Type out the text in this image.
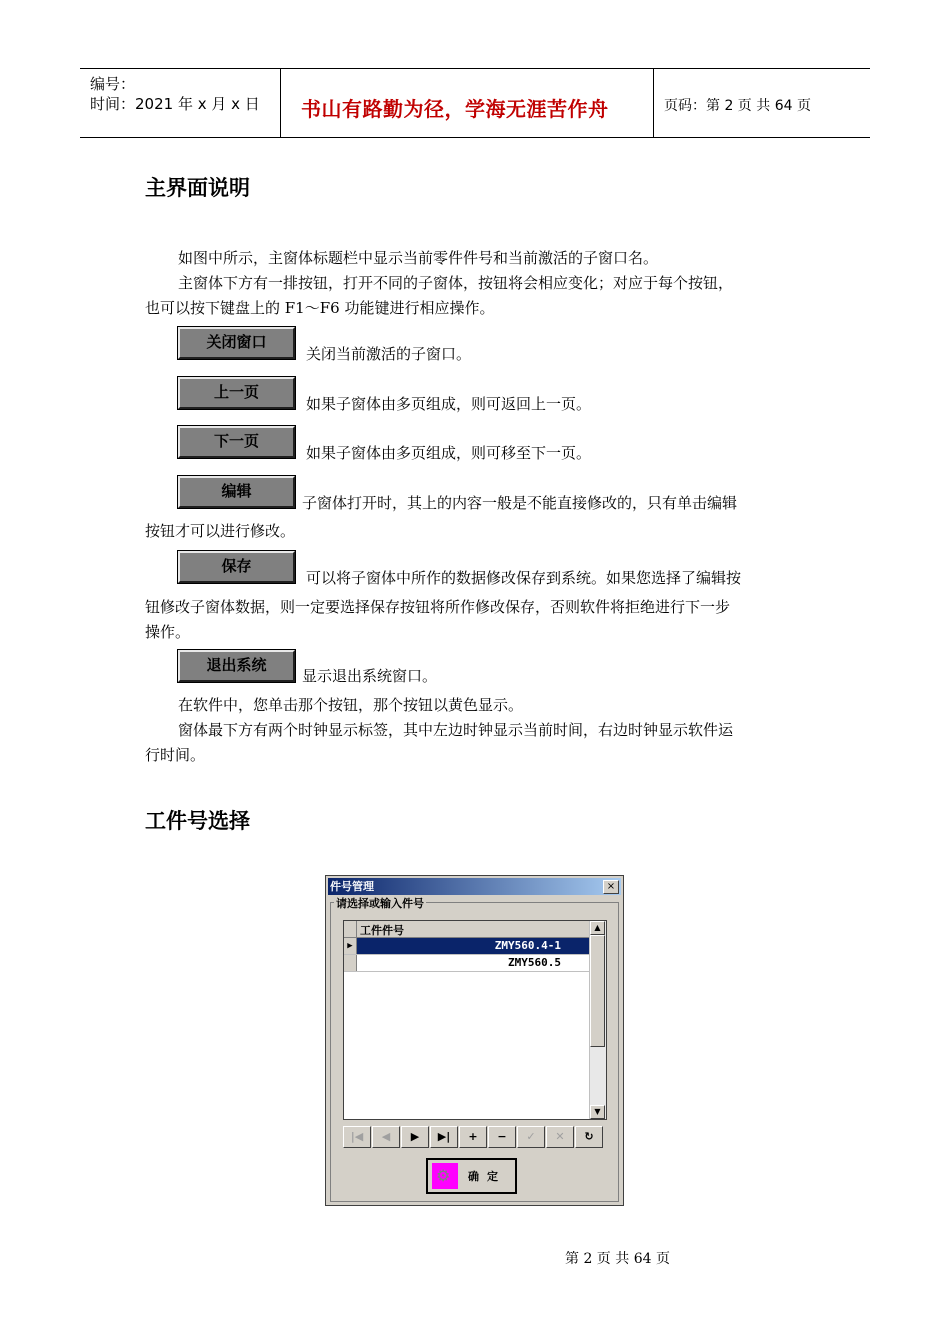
编号：
时间：2021 年 x 月 x 日 书山有路勤为径，学海无涯苦作舟	页码：第 2 页 共 64 页
主界面说明
如图中所示，主窗体标题栏中显示当前零件件号和当前激活的子窗口名。
主窗体下方有一排按钮，打开不同的子窗体，按钮将会相应变化；对应于每个按钮，
也可以按下键盘上的 F1～F6 功能键进行相应操作。
关闭窗口
关闭当前激活的子窗口。
上一页
如果子窗体由多页组成，则可返回上一页。
下一页
如果子窗体由多页组成，则可移至下一页。
编辑
子窗体打开时，其上的内容一般是不能直接修改的，只有单击编辑
按钮才可以进行修改。
保存
可以将子窗体中所作的数据修改保存到系统。如果您选择了编辑按
钮修改子窗体数据，则一定要选择保存按钮将所作修改保存，否则软件将拒绝进行下一步
操作。
退出系统
显示退出系统窗口。
在软件中，您单击那个按钮，那个按钮以黄色显示。
窗体最下方有两个时钟显示标签，其中左边时钟显示当前时间，右边时钟显示软件运
行时间。
工件号选择
件号管理	×
请选择或输入件号
工件件号
▶	ZMY560.4-1
ZMY560.5
▲
▼
|◀	◀	▶	▶|	+	−	✓	✕	↻
⚙ 确定
第 2 页 共 64 页
